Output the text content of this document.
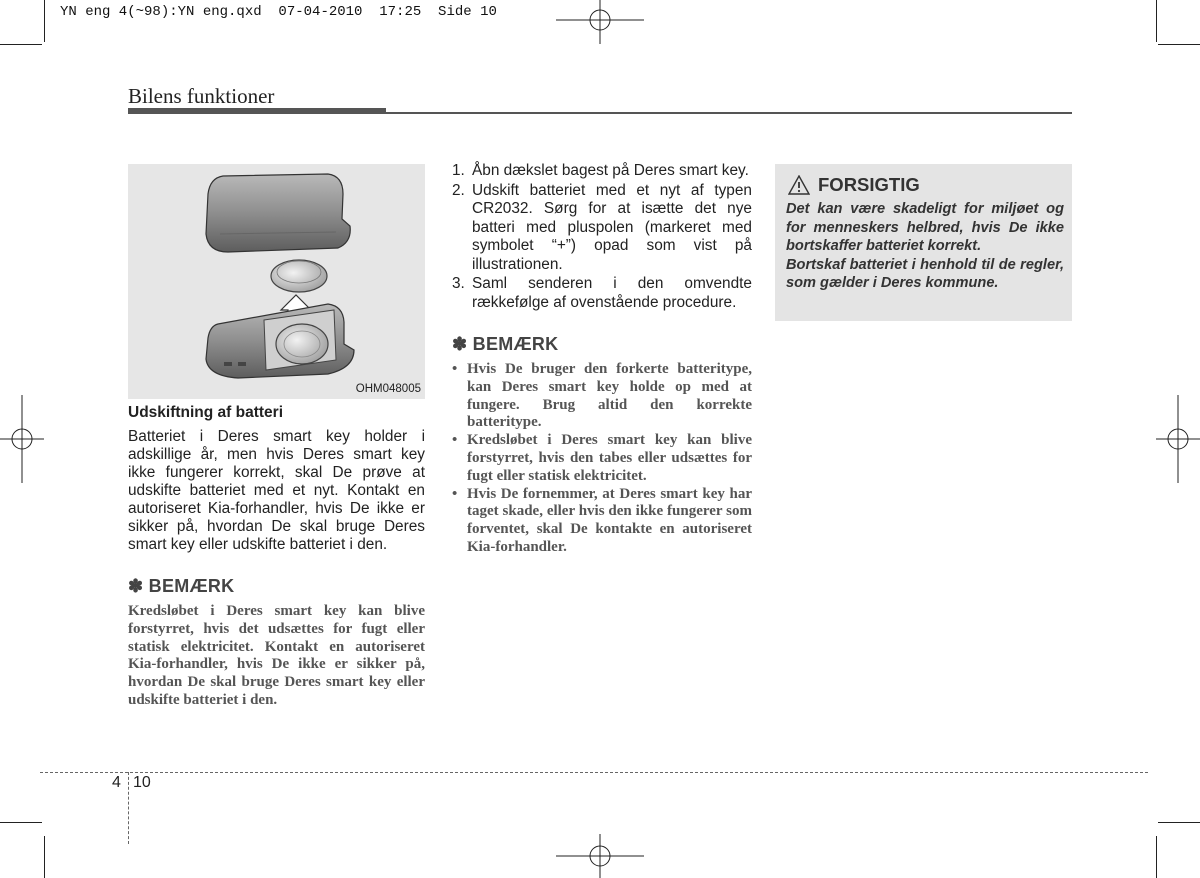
YN eng 4(~98):YN eng.qxd  07-04-2010  17:25  Side 10
Bilens funktioner
OHM048005
Udskiftning af batteri
Batteriet i Deres smart key holder i adskillige år, men hvis Deres smart key ikke fungerer korrekt, skal De prøve at udskifte batteriet med et nyt. Kontakt en autoriseret Kia-forhandler, hvis De ikke er sikker på, hvordan De skal bruge Deres smart key eller udskifte batteriet i den.
✽ BEMÆRK
Kredsløbet i Deres smart key kan blive forstyrret, hvis det udsættes for fugt eller statisk elektricitet. Kontakt en autoriseret Kia-forhandler, hvis De ikke er sikker på, hvordan De skal bruge Deres smart key eller udskifte batteriet i den.
1. Åbn dækslet bagest på Deres smart key.
2. Udskift batteriet med et nyt af typen CR2032. Sørg for at isætte det nye batteri med pluspolen (markeret med symbolet “+”) opad som vist på illustrationen.
3. Saml senderen i den omvendte rækkefølge af ovenstående procedure.
✽ BEMÆRK
• Hvis De bruger den forkerte batteritype, kan Deres smart key holde op med at fungere. Brug altid den korrekte batteritype.
• Kredsløbet i Deres smart key kan blive forstyrret, hvis den tabes eller udsættes for fugt eller statisk elektricitet.
• Hvis De fornemmer, at Deres smart key har taget skade, eller hvis den ikke fungerer som forventet, skal De kontakte en autoriseret Kia-forhandler.
FORSIGTIG

Det kan være skadeligt for miljøet og for menneskers helbred, hvis De ikke bortskaffer batteriet korrekt.

Bortskaf batteriet i henhold til de regler, som gælder i Deres kommune.

4 10
